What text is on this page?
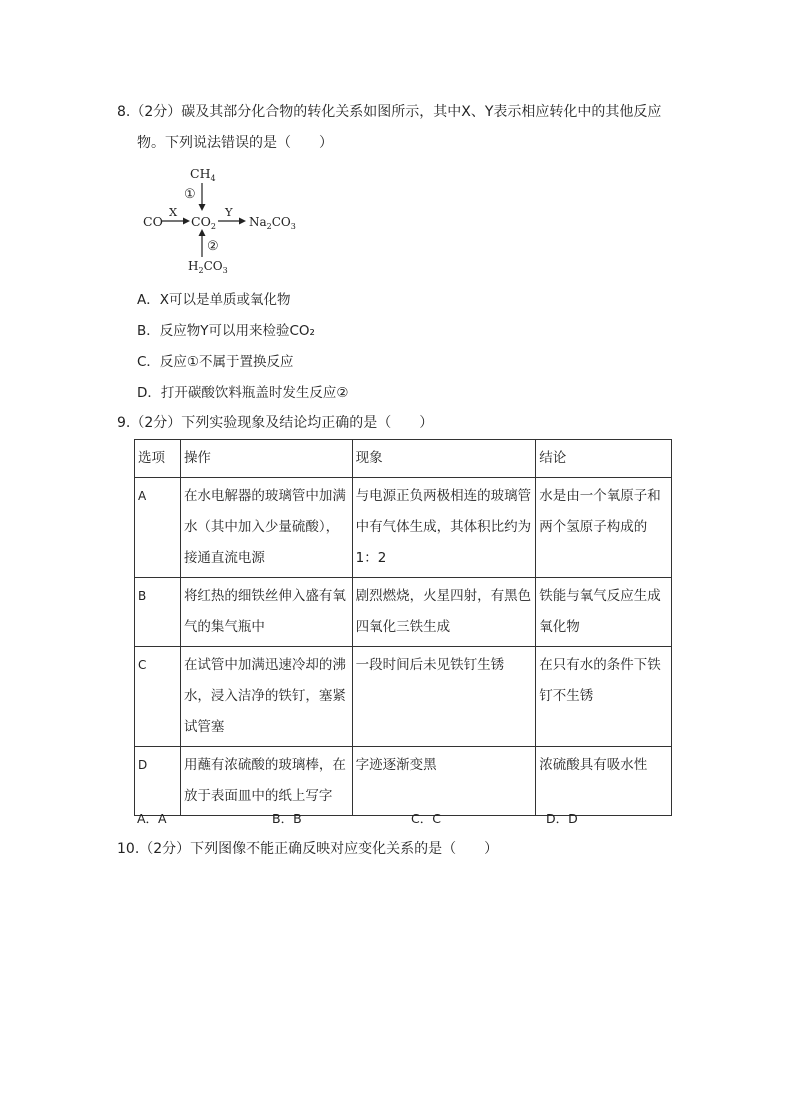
8.（2分）碳及其部分化合物的转化关系如图所示，其中X、Y表示相应转化中的其他反应
物。下列说法错误的是（　　）
$CH_4$
①
CO
X
$CO_2$
Y
$Na_2CO_3$
②
$H_2CO_3$
A．X可以是单质或氧化物
B．反应物Y可以用来检验CO₂
C．反应①不属于置换反应
D．打开碳酸饮料瓶盖时发生反应②
9.（2分）下列实验现象及结论均正确的是（　　）
选项	操作	现象	结论
A	在水电解器的玻璃管中加满水（其中加入少量硫酸），接通直流电源	与电源正负两极相连的玻璃管中有气体生成，其体积比约为1：2	水是由一个氧原子和两个氢原子构成的
B	将红热的细铁丝伸入盛有氧气的集气瓶中	剧烈燃烧，火星四射，有黑色四氧化三铁生成	铁能与氧气反应生成氧化物
C	在试管中加满迅速冷却的沸水，浸入洁净的铁钉，塞紧试管塞	一段时间后未见铁钉生锈	在只有水的条件下铁钉不生锈
D	用蘸有浓硫酸的玻璃棒，在放于表面皿中的纸上写字	字迹逐渐变黑	浓硫酸具有吸水性
A．A	B．B	C．C	D．D
10.（2分）下列图像不能正确反映对应变化关系的是（　　）
